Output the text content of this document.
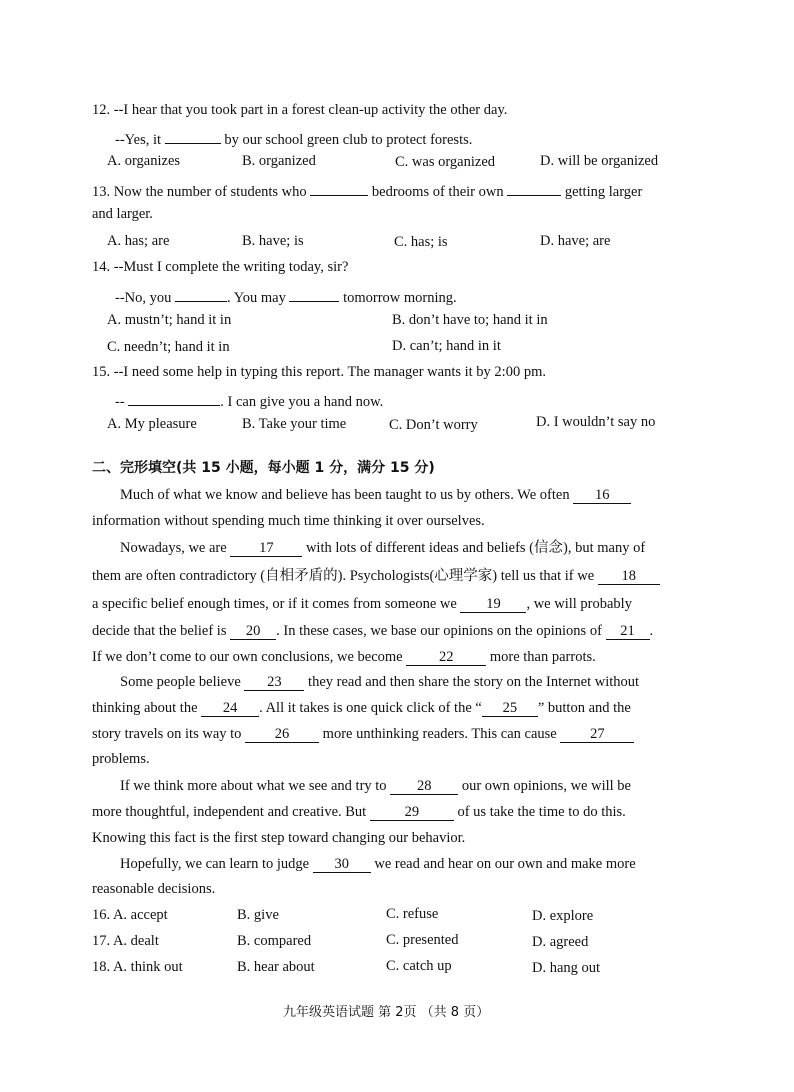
12. --I hear that you took part in a forest clean-up activity the other day.
--Yes, it	by our school green club to protect forests.
A. organizes	B. organized	C. was organized	D. will be organized
13. Now the number of students who	bedrooms of their own	getting larger
and larger.
A. has; are	B. have; is	C. has; is	D. have; are
14. --Must I complete the writing today, sir?
--No, you	. You may	tomorrow morning.
A. mustn’t; hand it in	B. don’t have to; hand it in
C. needn’t; hand it in	D. can’t; hand in it
15. --I need some help in typing this report. The manager wants it by 2:00 pm.
--	. I can give you a hand now.
A. My pleasure	B. Take your time	C. Don’t worry	D. I wouldn’t say no
二、完形填空(共 15 小题，每小题 1 分，满分 15 分)
Much of what we know and believe has been taught to us by others. We often 16
information without spending much time thinking it over ourselves.
Nowadays, we are 17 with lots of different ideas and beliefs (信念), but many of
them are often contradictory (自相矛盾的). Psychologists(心理学家) tell us that if we 18
a specific belief enough times, or if it comes from someone we 19 , we will probably
decide that the belief is 20 . In these cases, we base our opinions on the opinions of 21 .
If we don’t come to our own conclusions, we become	22	more than parrots.
Some people believe 23 they read and then share the story on the Internet without
thinking about the 24 . All it takes is one quick click of the “ 25 ” button and the
story travels on its way to 26 more unthinking readers. This can cause 27
problems.
If we think more about what we see and try to 28 our own opinions, we will be
more thoughtful, independent and creative. But	29	of us take the time to do this.
Knowing this fact is the first step toward changing our behavior.
Hopefully, we can learn to judge 30 we read and hear on our own and make more
reasonable decisions.
16. A. accept	B. give	C. refuse	D. explore
17. A. dealt	B. compared	C. presented	D. agreed
18. A. think out	B. hear about	C. catch up	D. hang out
九年级英语试题 第 2页 （共 8 页）
